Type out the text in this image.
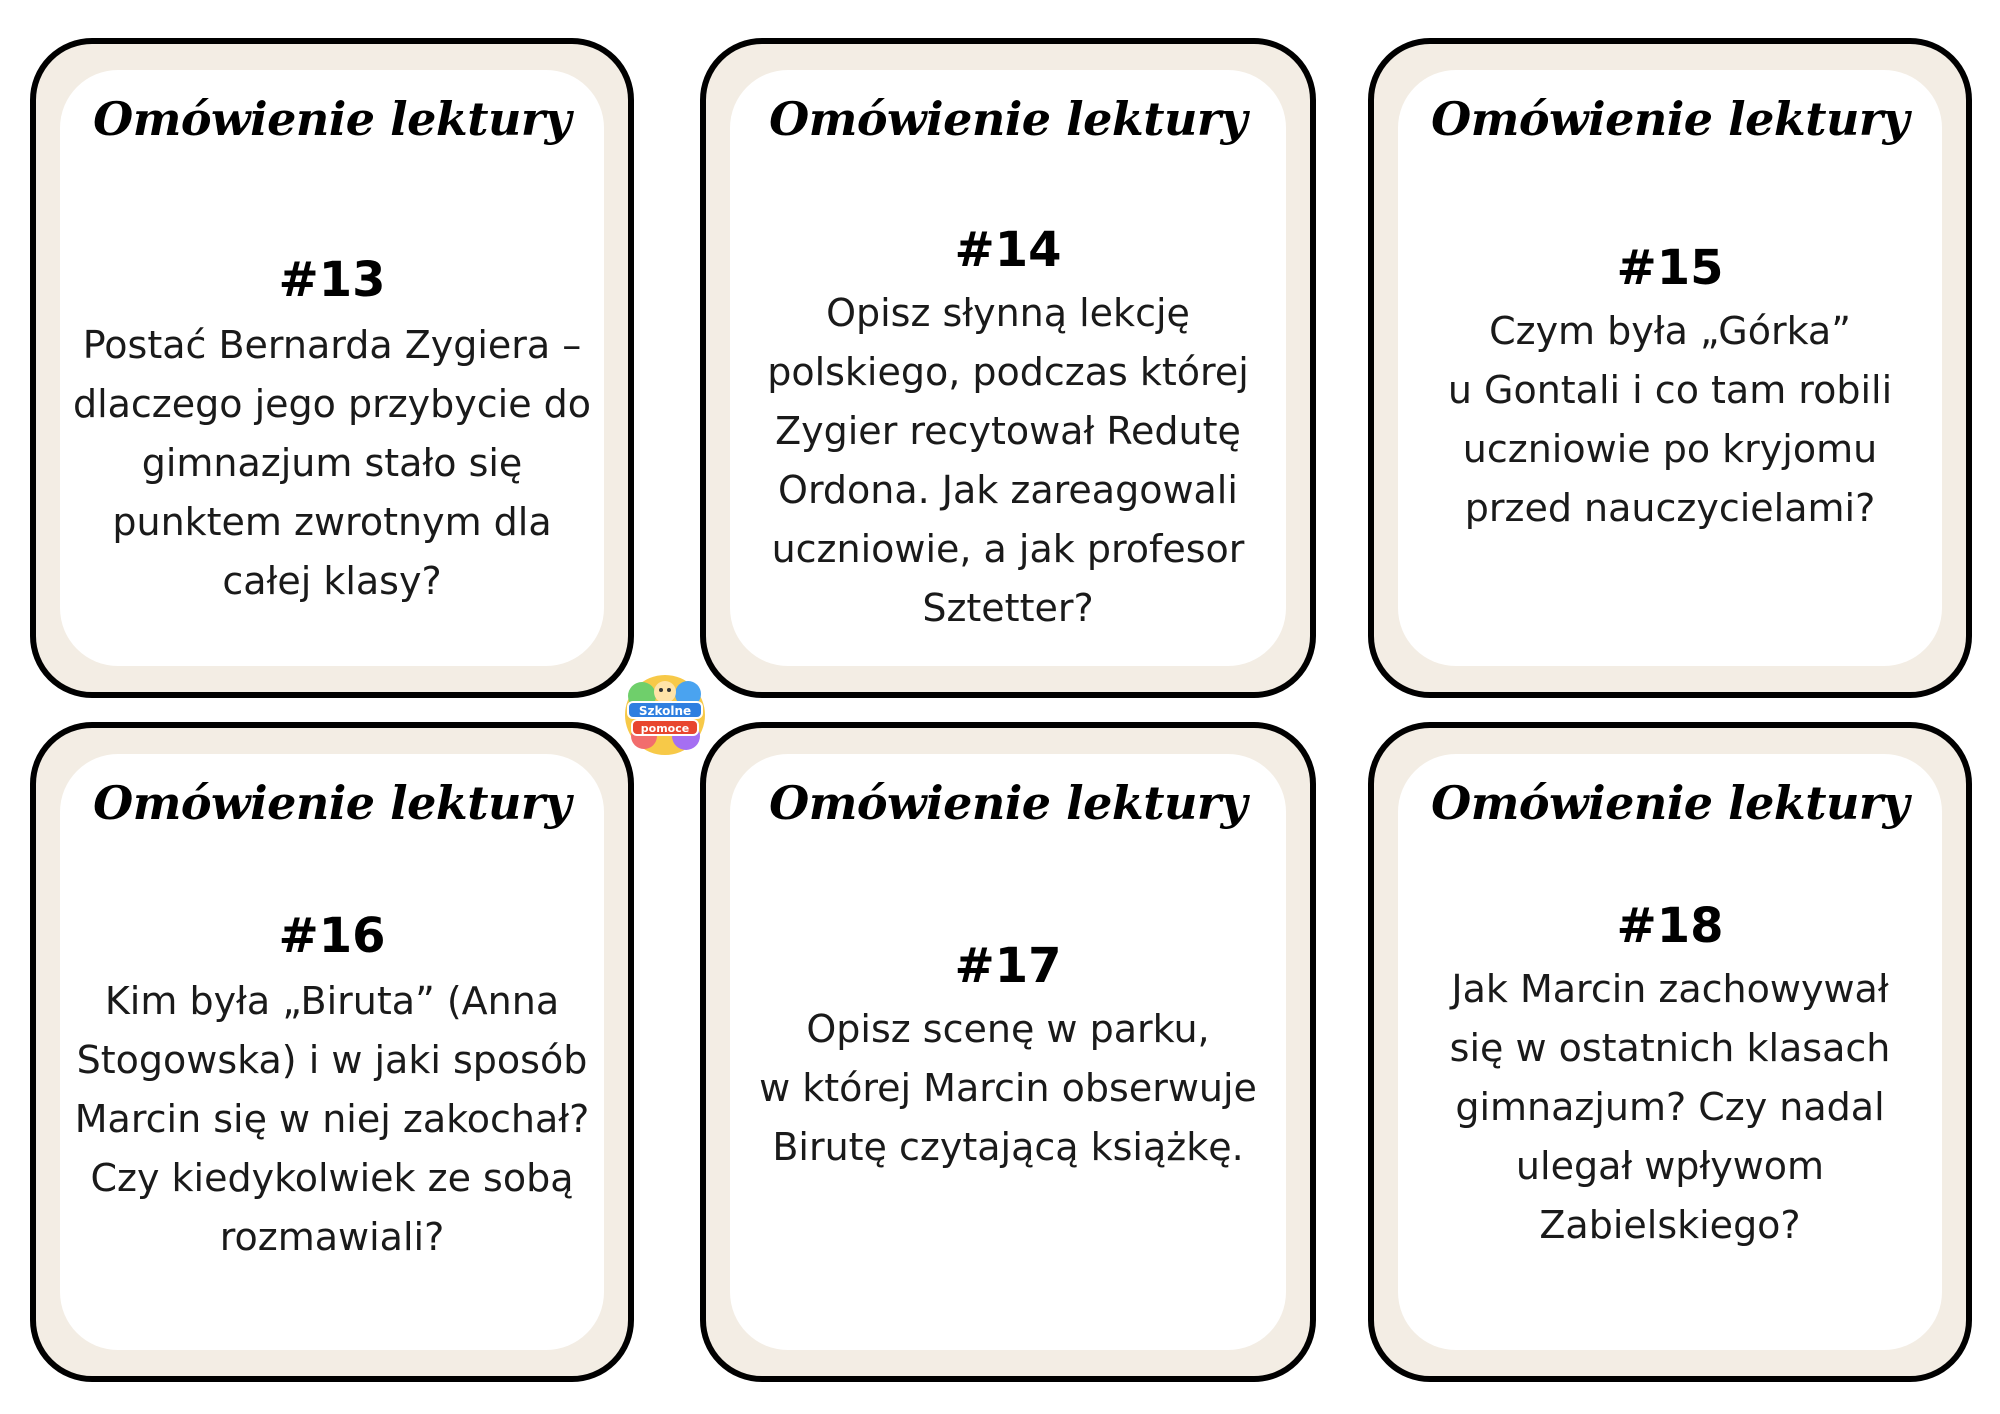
Omówienie lektury
#13
Postać Bernarda Zygiera –
dlaczego jego przybycie do
gimnazjum stało się
punktem zwrotnym dla
całej klasy?
Omówienie lektury
#14
Opisz słynną lekcję
polskiego, podczas której
Zygier recytował Redutę
Ordona. Jak zareagowali
uczniowie, a jak profesor
Sztetter?
Omówienie lektury
#15
Czym była „Górka”
u Gontali i co tam robili
uczniowie po kryjomu
przed nauczycielami?
Omówienie lektury
#16
Kim była „Biruta” (Anna
Stogowska) i w jaki sposób
Marcin się w niej zakochał?
Czy kiedykolwiek ze sobą
rozmawiali?
Omówienie lektury
#17
Opisz scenę w parku,
w której Marcin obserwuje
Birutę czytającą książkę.
Omówienie lektury
#18
Jak Marcin zachowywał
się w ostatnich klasach
gimnazjum? Czy nadal
ulegał wpływom
Zabielskiego?
Szkolne
pomoce
